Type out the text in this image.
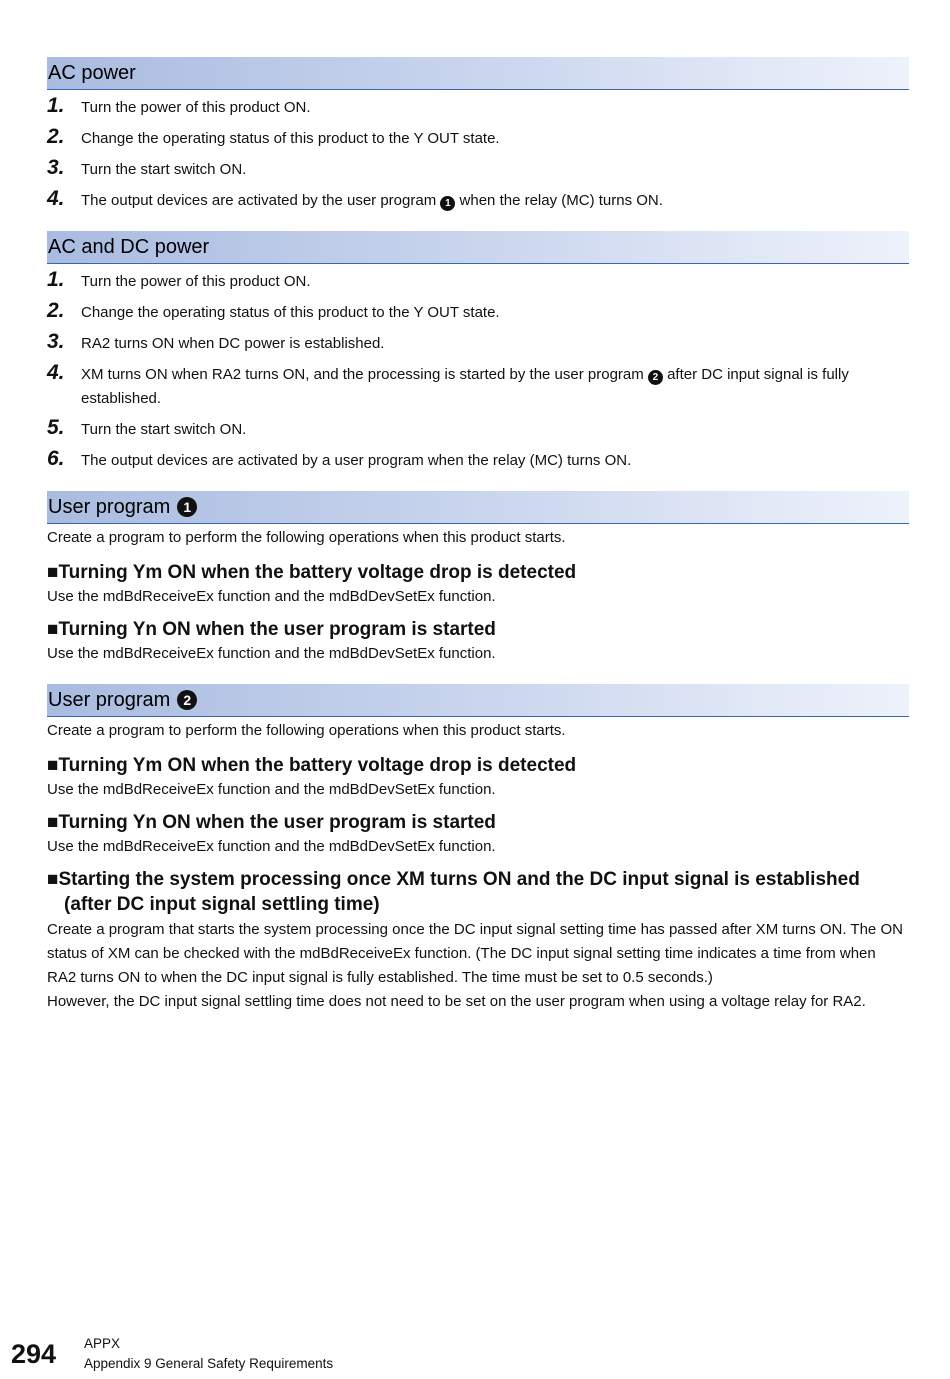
AC power
1. Turn the power of this product ON.
2. Change the operating status of this product to the Y OUT state.
3. Turn the start switch ON.
4. The output devices are activated by the user program 1 when the relay (MC) turns ON.
AC and DC power
1. Turn the power of this product ON.
2. Change the operating status of this product to the Y OUT state.
3. RA2 turns ON when DC power is established.
4. XM turns ON when RA2 turns ON, and the processing is started by the user program 2 after DC input signal is fully established.
5. Turn the start switch ON.
6. The output devices are activated by a user program when the relay (MC) turns ON.
User program 1
Create a program to perform the following operations when this product starts.
■Turning Ym ON when the battery voltage drop is detected
Use the mdBdReceiveEx function and the mdBdDevSetEx function.
■Turning Yn ON when the user program is started
Use the mdBdReceiveEx function and the mdBdDevSetEx function.
User program 2
Create a program to perform the following operations when this product starts.
■Turning Ym ON when the battery voltage drop is detected
Use the mdBdReceiveEx function and the mdBdDevSetEx function.
■Turning Yn ON when the user program is started
Use the mdBdReceiveEx function and the mdBdDevSetEx function.
■Starting the system processing once XM turns ON and the DC input signal is established (after DC input signal settling time)
Create a program that starts the system processing once the DC input signal setting time has passed after XM turns ON. The ON status of XM can be checked with the mdBdReceiveEx function. (The DC input signal setting time indicates a time from when RA2 turns ON to when the DC input signal is fully established. The time must be set to 0.5 seconds.)
However, the DC input signal settling time does not need to be set on the user program when using a voltage relay for RA2.
294 APPX
Appendix 9 General Safety Requirements
